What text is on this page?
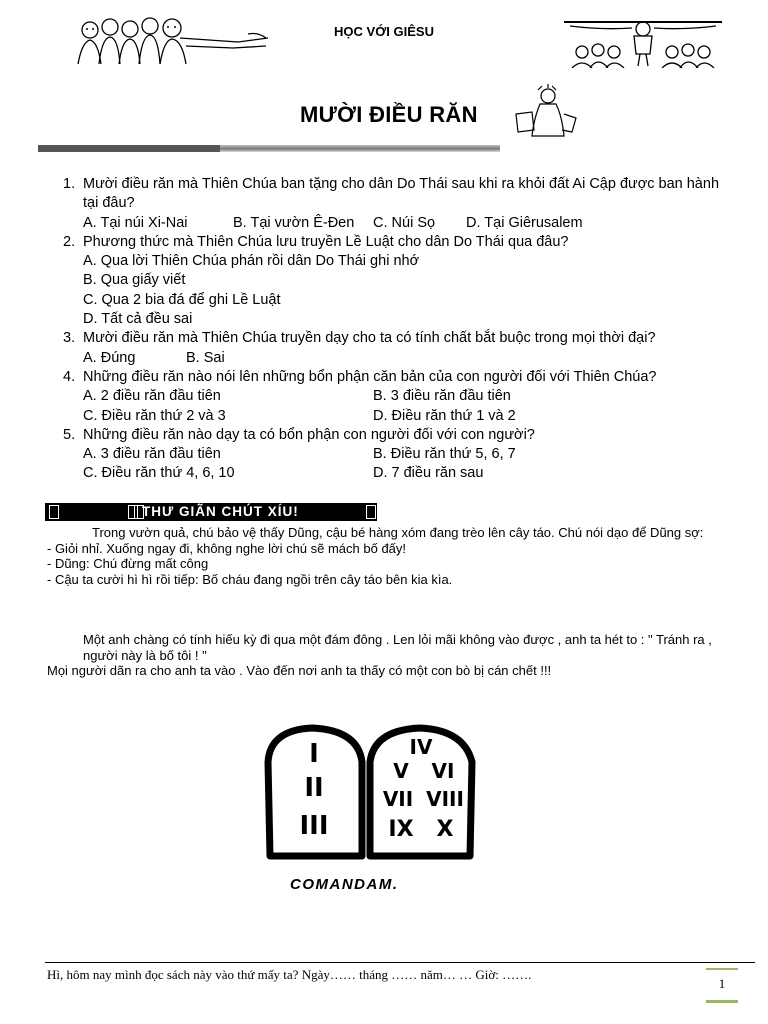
HỌC VỚI GIÊSU
MƯỜI ĐIỀU RĂN
1. Mười điều răn mà Thiên Chúa ban tặng cho dân Do Thái sau khi ra khỏi đất Ai Cập được ban hành tại đâu?
A. Tại núi Xi-Nai	B. Tại vườn Ê-Đen	C. Núi Sọ	D. Tại Giêrusalem
2. Phương thức mà Thiên Chúa lưu truyền Lề Luật cho dân Do Thái qua đâu?
A. Qua lời Thiên Chúa phán rồi dân Do Thái ghi nhớ
B. Qua giấy viết
C. Qua 2 bia đá để ghi Lề Luật
D. Tất cả đều sai
3. Mười điều răn mà Thiên Chúa truyền dạy cho ta có tính chất bắt buộc trong mọi thời đại?
A. Đúng	B. Sai
4. Những điều răn nào nói lên những bổn phận căn bản của con người đối với Thiên Chúa?
A. 2 điều răn đầu tiên	B. 3 điều răn đầu tiên
C. Điều răn thứ 2 và 3	D. Điều răn thứ 1 và 2
5. Những điều răn nào dạy ta có bổn phận con người đối với con người?
A. 3 điều răn đầu tiên	B. Điều răn thứ 5, 6, 7
C. Điều răn thứ 4, 6, 10	D. 7 điều răn sau
THƯ GIÃN CHÚT XÍU!
Trong vườn quả, chú bảo vệ thấy Dũng, cậu bé hàng xóm đang trèo lên cây táo. Chú nói dạo để Dũng sợ:
- Giỏi nhỉ. Xuống ngay đi, không nghe lời chú sẽ mách bố đấy!
- Dũng: Chú đừng mất công
- Cậu ta cười hì hì rồi tiếp: Bố cháu đang ngồi trên cây táo bên kia kìa.
Một anh chàng có tính hiếu kỳ đi qua một đám đông . Len lỏi mãi không vào được , anh ta hét to : " Tránh ra , người này là bố tôi ! "
Mọi người dãn ra cho anh ta vào . Vào đến nơi anh ta thấy có một con bò bị cán chết !!!
I
II
III
IV
V VI
VII VIII
IX X
COMANDAM.
Hì, hôm nay mình đọc sách này vào thứ mấy ta? Ngày…… tháng …… năm… … Giờ: …….
1
